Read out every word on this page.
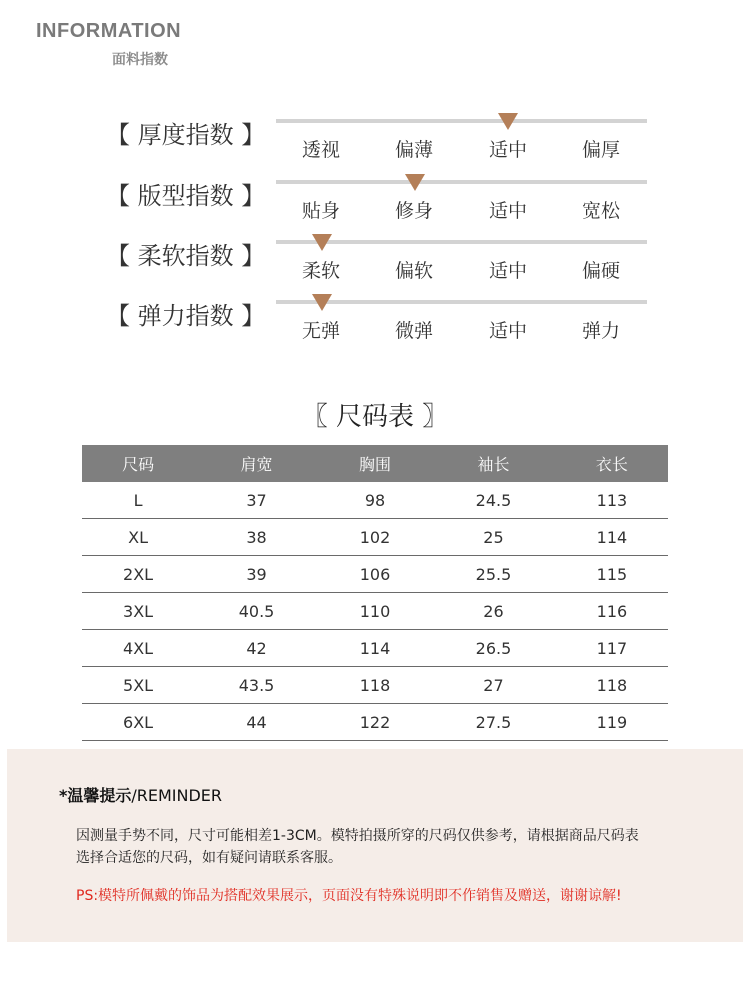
INFORMATION
面料指数
【 厚度指数 】
透视	偏薄	适中	偏厚
【 版型指数 】
贴身	修身	适中	宽松
【 柔软指数 】
柔软	偏软	适中	偏硬
【 弹力指数 】
无弹	微弹	适中	弹力
〖 尺码表 〗
尺码	肩宽	胸围	袖长	衣长
L	37	98	24.5	113
XL	38	102	25	114
2XL	39	106	25.5	115
3XL	40.5	110	26	116
4XL	42	114	26.5	117
5XL	43.5	118	27	118
6XL	44	122	27.5	119
*温馨提示/REMINDER
因测量手势不同，尺寸可能相差1-3CM。模特拍摄所穿的尺码仅供参考，请根据商品尺码表
选择合适您的尺码，如有疑问请联系客服。
PS:模特所佩戴的饰品为搭配效果展示，页面没有特殊说明即不作销售及赠送，谢谢谅解!
